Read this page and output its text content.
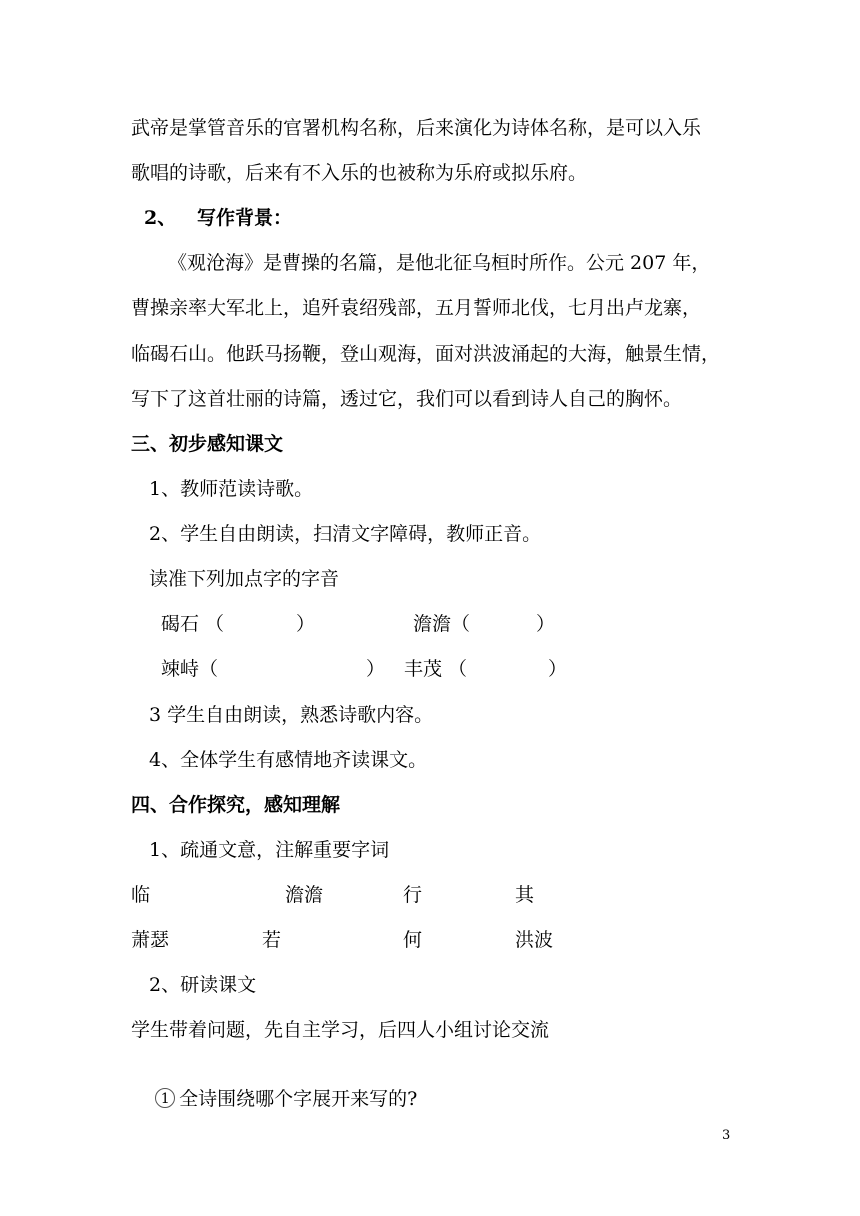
武帝是掌管音乐的官署机构名称，后来演化为诗体名称，是可以入乐
歌唱的诗歌，后来有不入乐的也被称为乐府或拟乐府。
2、 写作背景：
《观沧海》是曹操的名篇，是他北征乌桓时所作。公元 207 年，
曹操亲率大军北上，追歼袁绍残部，五月誓师北伐，七月出卢龙寨，
临碣石山。他跃马扬鞭，登山观海，面对洪波涌起的大海，触景生情，
写下了这首壮丽的诗篇，透过它，我们可以看到诗人自己的胸怀。
三、初步感知课文
1、教师范读诗歌。
2、学生自由朗读，扫清文字障碍，教师正音。
读准下列加点字的字音
碣石 （	）	澹澹（	）
竦峙（	） 丰茂 （	）
3 学生自由朗读，熟悉诗歌内容。
4、全体学生有感情地齐读课文。
四、合作探究，感知理解
1、疏通文意，注解重要字词
临	澹澹	行	其
萧瑟	若	何	洪波
2、研读课文
学生带着问题，先自主学习，后四人小组讨论交流

1 全诗围绕哪个字展开来写的?

3
